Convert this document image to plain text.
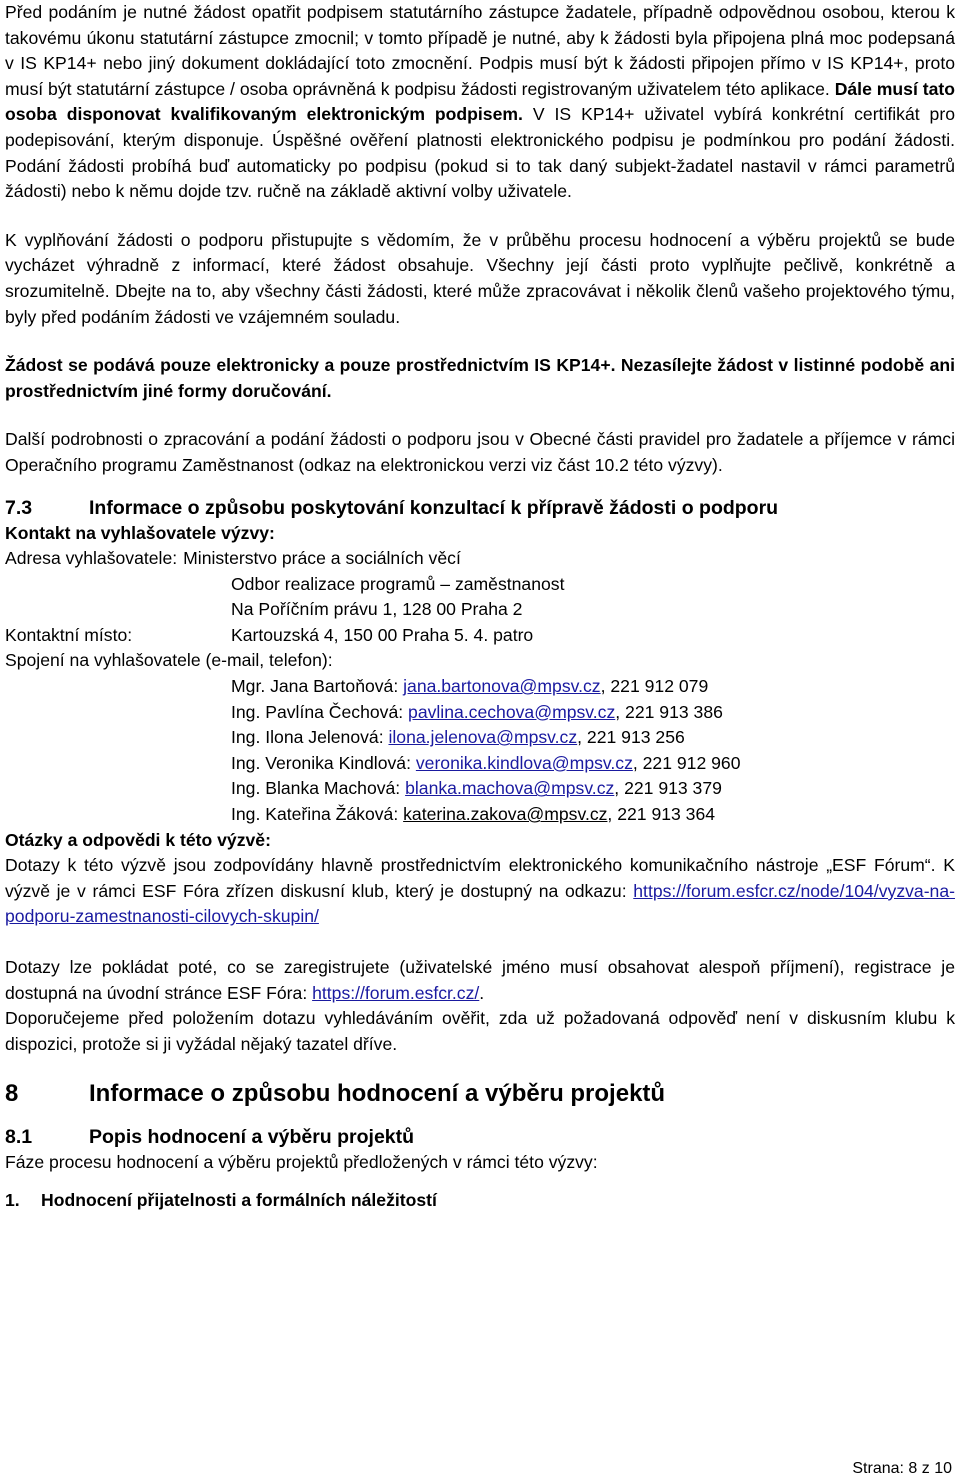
Před podáním je nutné žádost opatřit podpisem statutárního zástupce žadatele, případně odpovědnou osobou, kterou k takovému úkonu statutární zástupce zmocnil; v tomto případě je nutné, aby k žádosti byla připojena plná moc podepsaná v IS KP14+ nebo jiný dokument dokládající toto zmocnění. Podpis musí být k žádosti připojen přímo v IS KP14+, proto musí být statutární zástupce / osoba oprávněná k podpisu žádosti registrovaným uživatelem této aplikace. Dále musí tato osoba disponovat kvalifikovaným elektronickým podpisem. V IS KP14+ uživatel vybírá konkrétní certifikát pro podepisování, kterým disponuje. Úspěšné ověření platnosti elektronického podpisu je podmínkou pro podání žádosti. Podání žádosti probíhá buď automaticky po podpisu (pokud si to tak daný subjekt-žadatel nastavil v rámci parametrů žádosti) nebo k němu dojde tzv. ručně na základě aktivní volby uživatele.

K vyplňování žádosti o podporu přistupujte s vědomím, že v průběhu procesu hodnocení a výběru projektů se bude vycházet výhradně z informací, které žádost obsahuje. Všechny její části proto vyplňujte pečlivě, konkrétně a srozumitelně. Dbejte na to, aby všechny části žádosti, které může zpracovávat i několik členů vašeho projektového týmu, byly před podáním žádosti ve vzájemném souladu.

Žádost se podává pouze elektronicky a pouze prostřednictvím IS KP14+. Nezasílejte žádost v listinné podobě ani prostřednictvím jiné formy doručování.

Další podrobnosti o zpracování a podání žádosti o podporu jsou v Obecné části pravidel pro žadatele a příjemce v rámci Operačního programu Zaměstnanost (odkaz na elektronickou verzi viz část 10.2 této výzvy).

7.3	Informace o způsobu poskytování konzultací k přípravě žádosti o podporu
Kontakt na vyhlašovatele výzvy:
Adresa vyhlašovatele: Ministerstvo práce a sociálních věcí
Odbor realizace programů – zaměstnanost
Na Poříčním právu 1, 128 00 Praha 2
Kontaktní místo:	Kartouzská 4, 150 00 Praha 5. 4. patro
Spojení na vyhlašovatele (e-mail, telefon):
Mgr. Jana Bartoňová: jana.bartonova@mpsv.cz, 221 912 079
Ing. Pavlína Čechová: pavlina.cechova@mpsv.cz, 221 913 386
Ing. Ilona Jelenová: ilona.jelenova@mpsv.cz, 221 913 256
Ing. Veronika Kindlová: veronika.kindlova@mpsv.cz, 221 912 960
Ing. Blanka Machová: blanka.machova@mpsv.cz, 221 913 379
Ing. Kateřina Žáková: katerina.zakova@mpsv.cz, 221 913 364
Otázky a odpovědi k této výzvě:

Dotazy k této výzvě jsou zodpovídány hlavně prostřednictvím elektronického komunikačního nástroje „ESF Fórum“. K výzvě je v rámci ESF Fóra zřízen diskusní klub, který je dostupný na odkazu: https://forum.esfcr.cz/node/104/vyzva-na-podporu-zamestnanosti-cilovych-skupin/

Dotazy lze pokládat poté, co se zaregistrujete (uživatelské jméno musí obsahovat alespoň příjmení), registrace je dostupná na úvodní stránce ESF Fóra: https://forum.esfcr.cz/.

Doporučejeme před položením dotazu vyhledáváním ověřit, zda už požadovaná odpověď není v diskusním klubu k dispozici, protože si ji vyžádal nějaký tazatel dříve.

8	Informace o způsobu hodnocení a výběru projektů
8.1	Popis hodnocení a výběru projektů
Fáze procesu hodnocení a výběru projektů předložených v rámci této výzvy:
1.	Hodnocení přijatelnosti a formálních náležitostí
Strana: 8 z 10
